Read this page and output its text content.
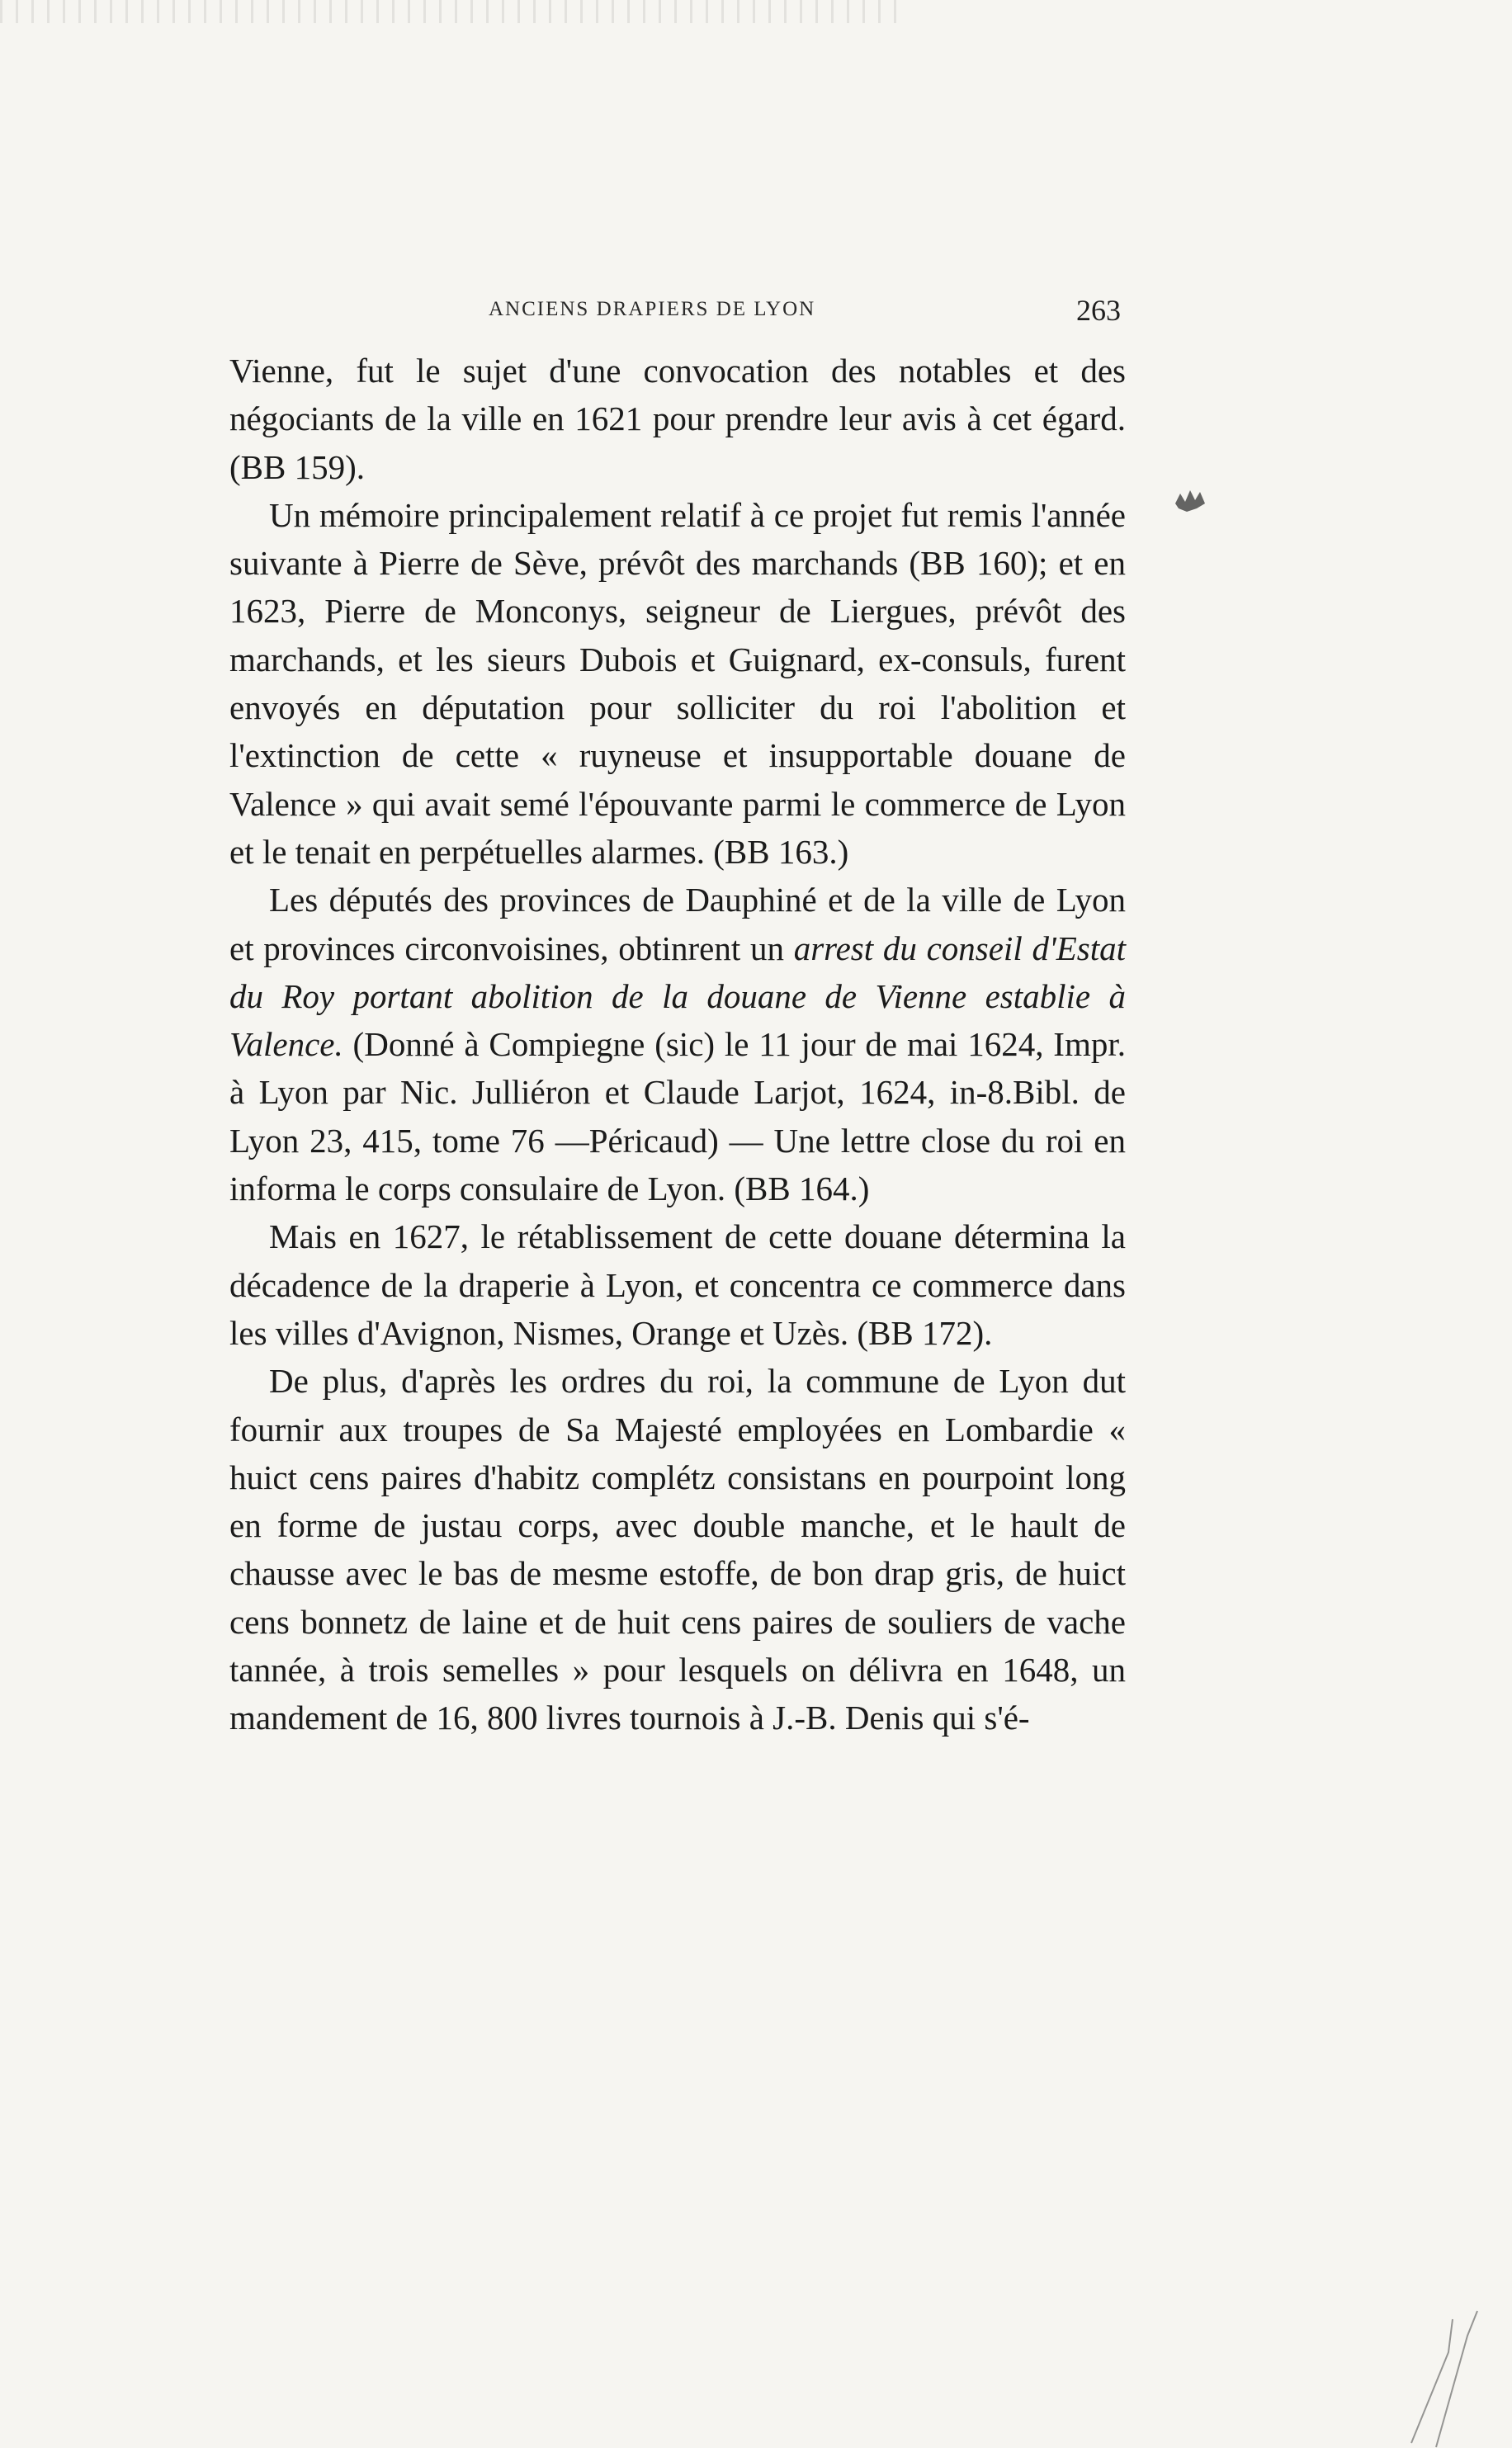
ANCIENS DRAPIERS DE LYON	263

Vienne, fut le sujet d'une convocation des notables et des négociants de la ville en 1621 pour prendre leur avis à cet égard. (BB 159).

Un mémoire principalement relatif à ce projet fut remis l'année suivante à Pierre de Sève, prévôt des marchands (BB 160); et en 1623, Pierre de Monconys, seigneur de Liergues, prévôt des marchands, et les sieurs Dubois et Guignard, ex-consuls, furent envoyés en députation pour solliciter du roi l'abolition et l'extinction de cette « ruyneuse et insupportable douane de Valence » qui avait semé l'épouvante parmi le commerce de Lyon et le tenait en perpétuelles alarmes. (BB 163.)

Les députés des provinces de Dauphiné et de la ville de Lyon et provinces circonvoisines, obtinrent un arrest du conseil d'Estat du Roy portant abolition de la douane de Vienne establie à Valence. (Donné à Compiegne (sic) le 11 jour de mai 1624, Impr. à Lyon par Nic. Julliéron et Claude Larjot, 1624, in-8.Bibl. de Lyon 23, 415, tome 76 —Péricaud) — Une lettre close du roi en informa le corps consulaire de Lyon. (BB 164.)

Mais en 1627, le rétablissement de cette douane détermina la décadence de la draperie à Lyon, et concentra ce commerce dans les villes d'Avignon, Nismes, Orange et Uzès. (BB 172).

De plus, d'après les ordres du roi, la commune de Lyon dut fournir aux troupes de Sa Majesté employées en Lombardie « huict cens paires d'habitz complétz consistans en pourpoint long en forme de justau corps, avec double manche, et le hault de chausse avec le bas de mesme estoffe, de bon drap gris, de huict cens bonnetz de laine et de huit cens paires de souliers de vache tannée, à trois semelles » pour lesquels on délivra en 1648, un mandement de 16, 800 livres tournois à J.-B. Denis qui s'é-
